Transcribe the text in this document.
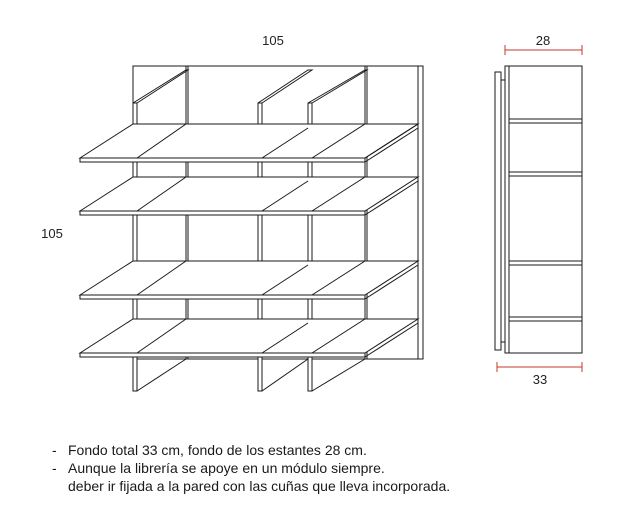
105
105
28
33
- Fondo total 33 cm, fondo de los estantes 28 cm.
- Aunque la librería se apoye en un módulo siempre.
deber ir fijada a la pared con las cuñas que lleva incorporada.
